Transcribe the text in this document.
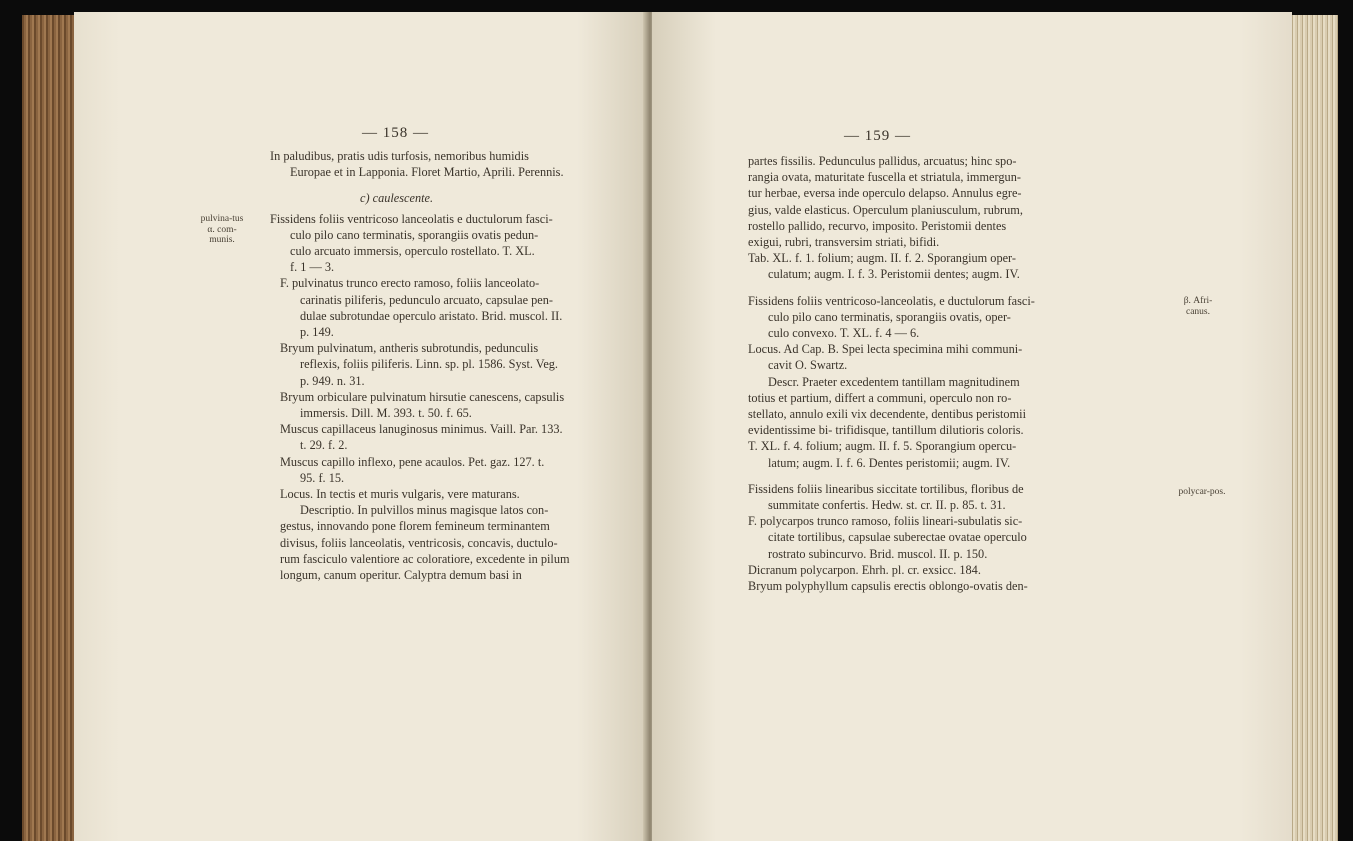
— 158 —

In paludibus, pratis udis turfosis, nemoribus humidis

Europae et in Lapponia. Floret Martio, Aprili. Perennis.

c) caulescente.

Fissidens foliis ventricoso lanceolatis e ductulorum fasci-

culo pilo cano terminatis, sporangiis ovatis pedun-

culo arcuato immersis, operculo rostellato. T. XL.

f. 1 — 3.

F. pulvinatus trunco erecto ramoso, foliis lanceolato-

carinatis piliferis, pedunculo arcuato, capsulae pen-

dulae subrotundae operculo aristato. Brid. muscol. II.

p. 149.

Bryum pulvinatum, antheris subrotundis, pedunculis

reflexis, foliis piliferis. Linn. sp. pl. 1586. Syst. Veg.

p. 949. n. 31.

Bryum orbiculare pulvinatum hirsutie canescens, capsulis

immersis. Dill. M. 393. t. 50. f. 65.

Muscus capillaceus lanuginosus minimus. Vaill. Par. 133.

t. 29. f. 2.

Muscus capillo inflexo, pene acaulos. Pet. gaz. 127. t.

95. f. 15.

Locus. In tectis et muris vulgaris, vere maturans.

Descriptio. In pulvillos minus magisque latos con-

gestus, innovando pone florem femineum terminantem

divisus, foliis lanceolatis, ventricosis, concavis, ductulo-

rum fasciculo valentiore ac coloratiore, excedente in pilum

longum, canum operitur. Calyptra demum basi in

pulvina-tus α. com-munis.
— 159 —

partes fissilis. Pedunculus pallidus, arcuatus; hinc spo-

rangia ovata, maturitate fuscella et striatula, immergun-

tur herbae, eversa inde operculo delapso. Annulus egre-

gius, valde elasticus. Operculum planiusculum, rubrum,

rostello pallido, recurvo, imposito. Peristomii dentes

exigui, rubri, transversim striati, bifidi.

Tab. XL. f. 1. folium; augm. II. f. 2. Sporangium oper-

culatum; augm. I. f. 3. Peristomii dentes; augm. IV.

Fissidens foliis ventricoso-lanceolatis, e ductulorum fasci-

culo pilo cano terminatis, sporangiis ovatis, oper-

culo convexo. T. XL. f. 4 — 6.

Locus. Ad Cap. B. Spei lecta specimina mihi communi-

cavit O. Swartz.

Descr. Praeter excedentem tantillam magnitudinem

totius et partium, differt a communi, operculo non ro-

stellato, annulo exili vix decendente, dentibus peristomii

evidentissime bi- trifidisque, tantillum dilutioris coloris.

T. XL. f. 4. folium; augm. II. f. 5. Sporangium opercu-

latum; augm. I. f. 6. Dentes peristomii; augm. IV.

Fissidens foliis linearibus siccitate tortilibus, floribus de

summitate confertis. Hedw. st. cr. II. p. 85. t. 31.

F. polycarpos trunco ramoso, foliis lineari-subulatis sic-

citate tortilibus, capsulae suberectae ovatae operculo

rostrato subincurvo. Brid. muscol. II. p. 150.

Dicranum polycarpon. Ehrh. pl. cr. exsicc. 184.

Bryum polyphyllum capsulis erectis oblongo-ovatis den-

β. Afri-canus.
polycar-pos.
